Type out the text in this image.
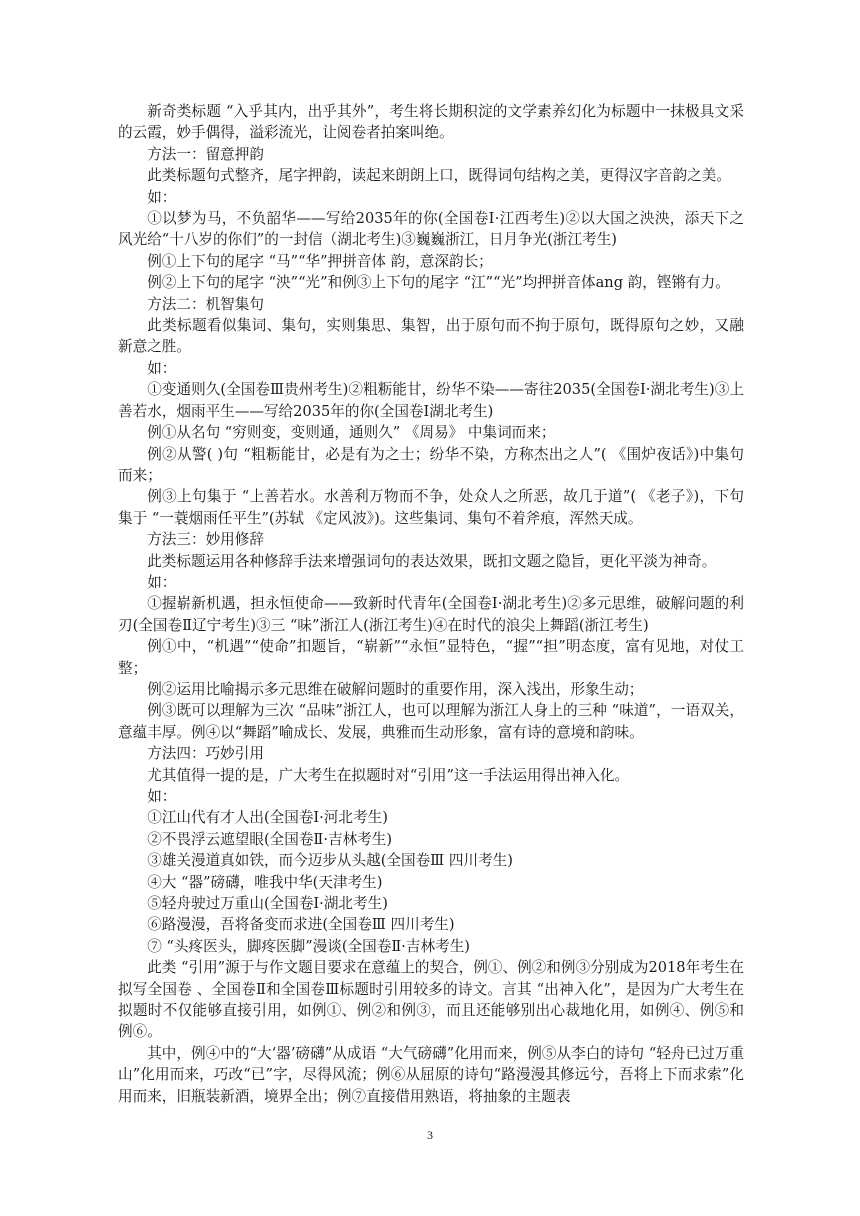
新奇类标题 “入乎其内，出乎其外”，考生将长期积淀的文学素养幻化为标题中一抹极具文采的云霞，妙手偶得，溢彩流光，让阅卷者拍案叫绝。

方法一：留意押韵

此类标题句式整齐，尾字押韵，读起来朗朗上口，既得词句结构之美，更得汉字音韵之美。

如：

①以梦为马，不负韶华——写给2035年的你(全国卷Ⅰ·江西考生)②以大国之泱泱，添天下之风光给“十八岁的你们”的一封信（湖北考生)③巍巍浙江，日月争光(浙江考生)

例①上下句的尾字 “马”“华”押拼音体 韵，意深韵长；

例②上下句的尾字 “泱”“光”和例③上下句的尾字 “江”“光”均押拼音体ang 韵，铿锵有力。

方法二：机智集句

此类标题看似集词、集句，实则集思、集智，出于原句而不拘于原句，既得原句之妙，又融新意之胜。

如：

①变通则久(全国卷Ⅲ贵州考生)②粗粝能甘，纷华不染——寄往2035(全国卷Ⅰ·湖北考生)③上善若水，烟雨平生——写给2035年的你(全国卷Ⅰ湖北考生)

例①从名句 “穷则变，变则通，通则久” 《周易》 中集词而来；

例②从警( )句 “粗粝能甘，必是有为之士；纷华不染，方称杰出之人”( 《围炉夜话》)中集句而来；

例③上句集于 “上善若水。水善利万物而不争，处众人之所恶，故几于道”( 《老子》)，下句集于 “一蓑烟雨任平生”(苏轼 《定风波》)。这些集词、集句不着斧痕，浑然天成。

方法三：妙用修辞

此类标题运用各种修辞手法来增强词句的表达效果，既扣文题之隐旨，更化平淡为神奇。

如：

①握崭新机遇，担永恒使命——致新时代青年(全国卷Ⅰ·湖北考生)②多元思维，破解问题的利刃(全国卷Ⅱ辽宁考生)③三 “味”浙江人(浙江考生)④在时代的浪尖上舞蹈(浙江考生)

例①中，“机遇”“使命”扣题旨，“崭新”“永恒”显特色，“握”“担”明态度，富有见地，对仗工整；

例②运用比喻揭示多元思维在破解问题时的重要作用，深入浅出，形象生动；

例③既可以理解为三次 “品味”浙江人，也可以理解为浙江人身上的三种 “味道”，一语双关，意蕴丰厚。例④以“舞蹈”喻成长、发展，典雅而生动形象，富有诗的意境和韵味。

方法四：巧妙引用

尤其值得一提的是，广大考生在拟题时对“引用”这一手法运用得出神入化。

如：

①江山代有才人出(全国卷Ⅰ·河北考生)

②不畏浮云遮望眼(全国卷Ⅱ·吉林考生)

③雄关漫道真如铁，而今迈步从头越(全国卷Ⅲ 四川考生)

④大 “器”磅礴，唯我中华(天津考生)

⑤轻舟驶过万重山(全国卷Ⅰ·湖北考生)

⑥路漫漫，吾将备变而求进(全国卷Ⅲ 四川考生)

⑦ “头疼医头，脚疼医脚”漫谈(全国卷Ⅱ·吉林考生)

此类 “引用”源于与作文题目要求在意蕴上的契合，例①、例②和例③分别成为2018年考生在拟写全国卷 、全国卷Ⅱ和全国卷Ⅲ标题时引用较多的诗文。言其 “出神入化”，是因为广大考生在拟题时不仅能够直接引用，如例①、例②和例③，而且还能够别出心裁地化用，如例④、例⑤和例⑥。

其中，例④中的“大‘器’磅礴”从成语 “大气磅礴”化用而来，例⑤从李白的诗句 “轻舟已过万重山”化用而来，巧改“已”字，尽得风流；例⑥从屈原的诗句“路漫漫其修远兮，吾将上下而求索”化用而来，旧瓶装新酒，境界全出；例⑦直接借用熟语，将抽象的主题表

3
